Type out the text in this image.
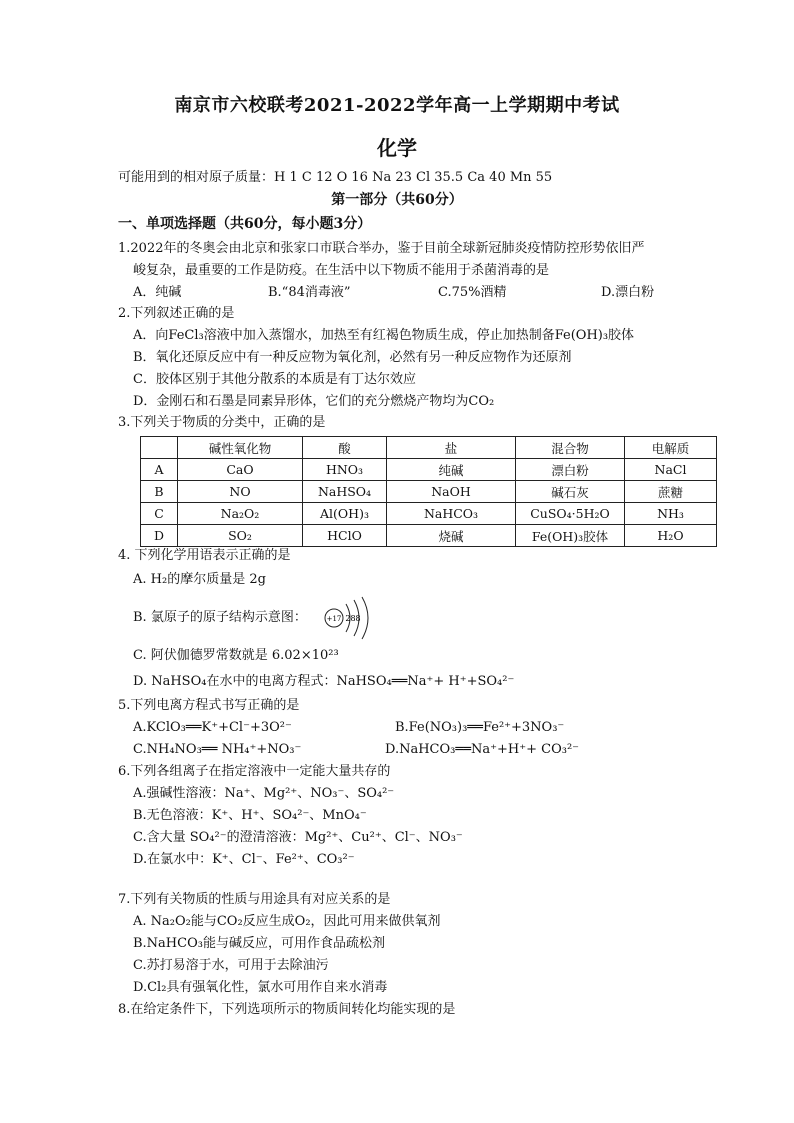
南京市六校联考2021-2022学年高一上学期期中考试
化学
可能用到的相对原子质量：H 1 C 12 O 16 Na 23 Cl 35.5 Ca 40 Mn 55
第一部分（共60分）
一、单项选择题（共60分，每小题3分）
1.2022年的冬奥会由北京和张家口市联合举办，鉴于目前全球新冠肺炎疫情防控形势依旧严
峻复杂，最重要的工作是防疫。在生活中以下物质不能用于杀菌消毒的是
A．纯碱	B.“84消毒液”	C.75%酒精	D.漂白粉
2.下列叙述正确的是
A．向FeCl₃溶液中加入蒸馏水，加热至有红褐色物质生成，停止加热制备Fe(OH)₃胶体
B．氧化还原反应中有一种反应物为氧化剂，必然有另一种反应物作为还原剂
C．胶体区别于其他分散系的本质是有丁达尔效应
D．金刚石和石墨是同素异形体，它们的充分燃烧产物均为CO₂
3.下列关于物质的分类中，正确的是
	碱性氧化物	酸	盐	混合物	电解质
A	CaO	HNO₃	纯碱	漂白粉	NaCl
B	NO	NaHSO₄	NaOH	碱石灰	蔗糖
C	Na₂O₂	Al(OH)₃	NaHCO₃	CuSO₄·5H₂O	NH₃
D	SO₂	HClO	烧碱	Fe(OH)₃胶体	H₂O
4. 下列化学用语表示正确的是
A. H₂的摩尔质量是 2g
B. 氯原子的原子结构示意图：	+17 288
C. 阿伏伽德罗常数就是 6.02×10²³
D. NaHSO₄在水中的电离方程式：NaHSO₄══Na⁺+ H⁺+SO₄²⁻
5.下列电离方程式书写正确的是
A.KClO₃══K⁺+Cl⁻+3O²⁻	B.Fe(NO₃)₃══Fe²⁺+3NO₃⁻
C.NH₄NO₃══ NH₄⁺+NO₃⁻	D.NaHCO₃══Na⁺+H⁺+ CO₃²⁻
6.下列各组离子在指定溶液中一定能大量共存的
A.强碱性溶液：Na⁺、Mg²⁺、NO₃⁻、SO₄²⁻
B.无色溶液：K⁺、H⁺、SO₄²⁻、MnO₄⁻
C.含大量 SO₄²⁻的澄清溶液：Mg²⁺、Cu²⁺、Cl⁻、NO₃⁻
D.在氯水中：K⁺、Cl⁻、Fe²⁺、CO₃²⁻
7.下列有关物质的性质与用途具有对应关系的是
A. Na₂O₂能与CO₂反应生成O₂，因此可用来做供氧剂
B.NaHCO₃能与碱反应，可用作食品疏松剂
C.苏打易溶于水，可用于去除油污
D.Cl₂具有强氧化性，氯水可用作自来水消毒
8.在给定条件下，下列选项所示的物质间转化均能实现的是
